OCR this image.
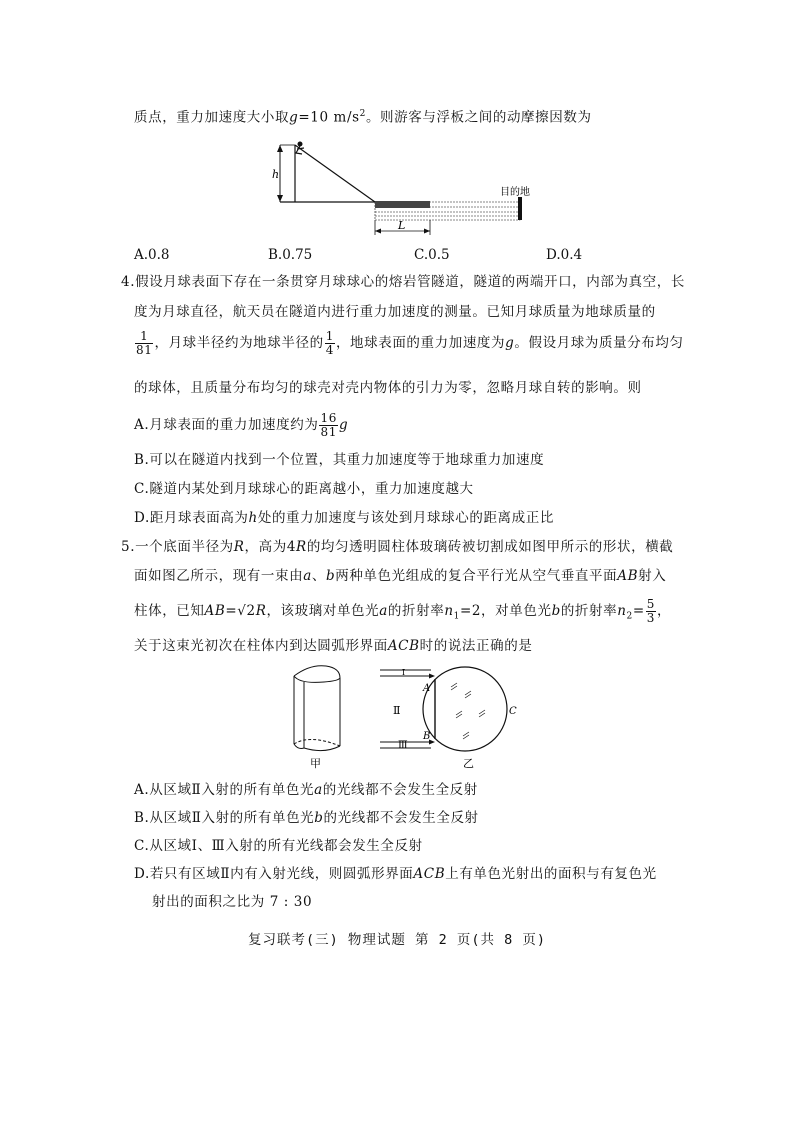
质点，重力加速度大小取g=10 $m/s^2$。则游客与浮板之间的动摩擦因数为
h
目的地
L
A.0.8	B.0.75	C.0.5	D.0.4
4.假设月球表面下存在一条贯穿月球球心的熔岩管隧道，隧道的两端开口，内部为真空，长
度为月球直径，航天员在隧道内进行重力加速度的测量。已知月球质量为地球质量的
$\frac{1}{81}$ ，月球半径约为地球半径的 $\frac{1}{4}$ ，地球表面的重力加速度为g。假设月球为质量分布均匀
的球体，且质量分布均匀的球壳对壳内物体的引力为零，忽略月球自转的影响。则
A.月球表面的重力加速度约为 $\frac{16}{81}$ g
B.可以在隧道内找到一个位置，其重力加速度等于地球重力加速度
C.隧道内某处到月球球心的距离越小，重力加速度越大
D.距月球表面高为h处的重力加速度与该处到月球球心的距离成正比
5.一个底面半径为R，高为4R的均匀透明圆柱体玻璃砖被切割成如图甲所示的形状，横截
面如图乙所示，现有一束由a、b两种单色光组成的复合平行光从空气垂直平面AB射入
柱体，已知AB=√2R，该玻璃对单色光a的折射率$n_1=2$，对单色光b的折射率$n_2= \frac{5}{3}$ ，
关于这束光初次在柱体内到达圆弧形界面ACB时的说法正确的是
甲
Ⅰ
Ⅱ
Ⅲ
A
B
C
乙
A.从区域Ⅱ入射的所有单色光a的光线都不会发生全反射
B.从区域Ⅱ入射的所有单色光b的光线都不会发生全反射
C.从区域Ⅰ、Ⅲ入射的所有光线都会发生全反射
D.若只有区域Ⅱ内有入射光线，则圆弧形界面ACB上有单色光射出的面积与有复色光
射出的面积之比为 7 : 30
复习联考(三) 物理试题 第 2 页(共 8 页)
